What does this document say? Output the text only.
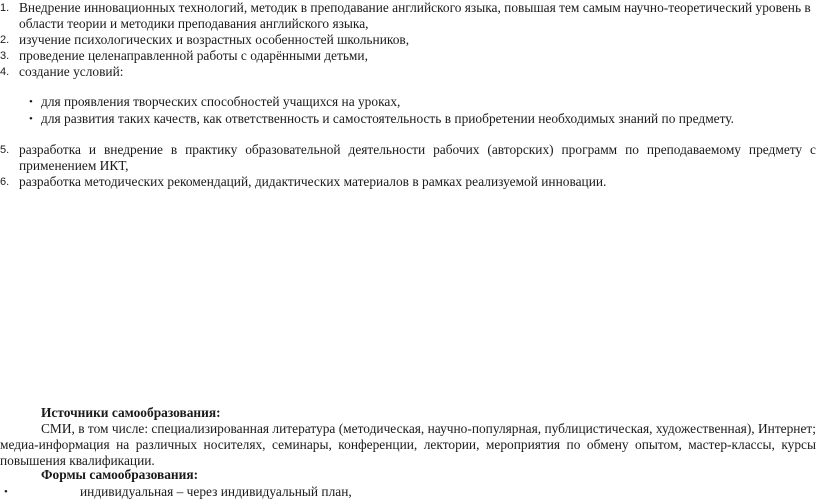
1. Внедрение инновационных технологий, методик в преподавание английского языка, повышая тем самым научно-теоретический уровень в
области теории и методики преподавания английского языка,
2. изучение психологических и возрастных особенностей школьников,
3. проведение целенаправленной работы с одарёнными детьми,
4. создание условий:
• для проявления творческих способностей учащихся на уроках,
• для развития таких качеств, как ответственность и самостоятельность в приобретении необходимых знаний по предмету.
5. разработка и внедрение в практику образовательной деятельности рабочих (авторских) программ по преподаваемому предмету с
применением ИКТ,
6. разработка методических рекомендаций, дидактических материалов в рамках реализуемой инновации.
Источники самообразования:
СМИ, в том числе: специализированная литература (методическая, научно-популярная, публицистическая, художественная), Интернет;
медиа-информация на различных носителях, семинары, конференции, лектории, мероприятия по обмену опытом, мастер-классы, курсы
повышения квалификации.
Формы самообразования:
•	индивидуальная – через индивидуальный план,
